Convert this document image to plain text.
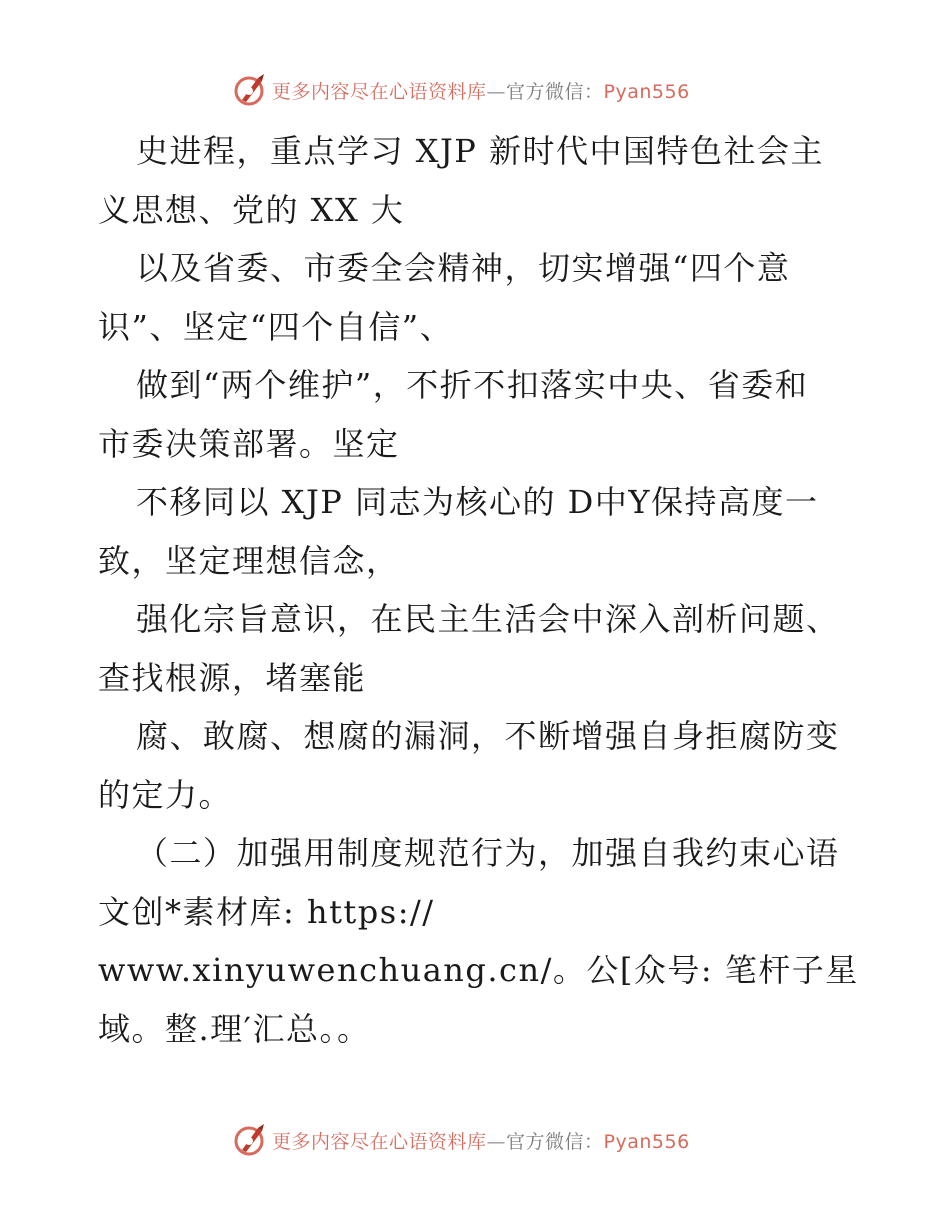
更多内容尽在心语资料库—官方微信：Pyan556
史进程，重点学习 XJP 新时代中国特色社会主
义思想、党的 XX 大
以及省委、市委全会精神，切实增强“四个意
识”、坚定“四个自信”、
做到“两个维护”，不折不扣落实中央、省委和
市委决策部署。坚定
不移同以 XJP 同志为核心的 D中Y保持高度一
致，坚定理想信念，
强化宗旨意识，在民主生活会中深入剖析问题、
查找根源，堵塞能
腐、敢腐、想腐的漏洞，不断增强自身拒腐防变
的定力。
（二）加强用制度规范行为，加强自我约束心语
文创*素材库: https://
www.xinyuwenchuang.cn/。公[众号: 笔杆子星
域。整.理′汇总。。
更多内容尽在心语资料库—官方微信：Pyan556
